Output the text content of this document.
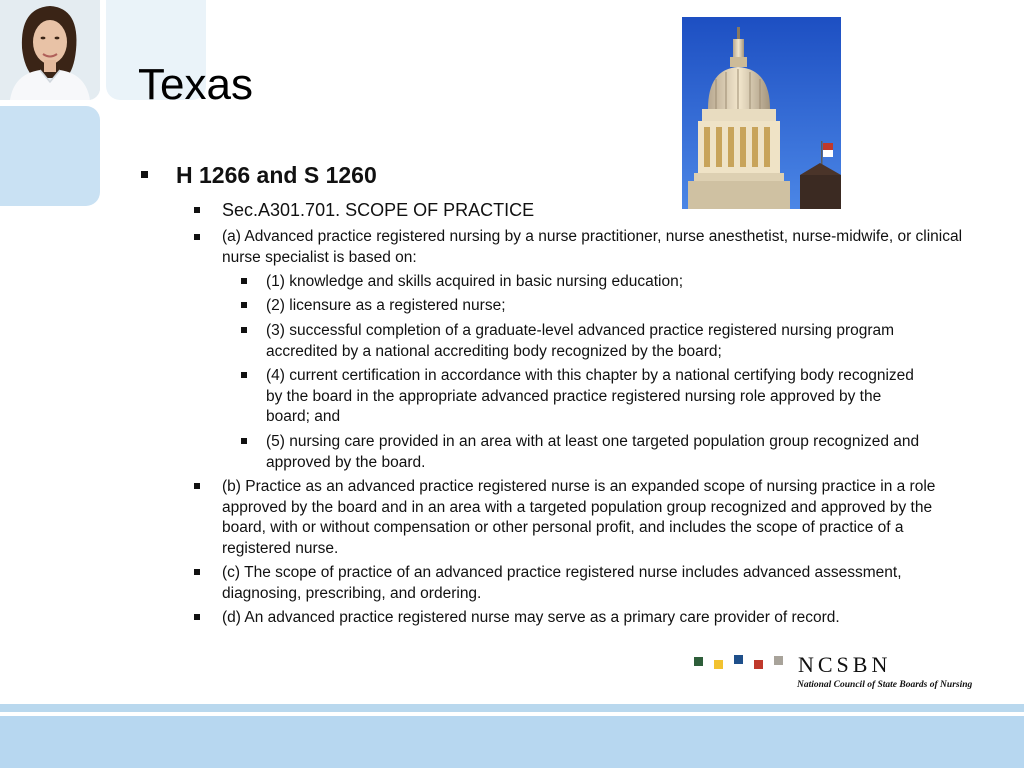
Texas
H 1266 and S 1260
Sec.A301.701. SCOPE OF PRACTICE
(a) Advanced practice registered nursing by a nurse practitioner, nurse anesthetist, nurse-midwife, or clinical nurse specialist is based on:
(1) knowledge and skills acquired in basic nursing education;
(2) licensure as a registered nurse;
(3) successful completion of a graduate-level advanced practice registered nursing program accredited by a national accrediting body recognized by the board;
(4) current certification in accordance with this chapter by a national certifying body recognized by the board in the appropriate advanced practice registered nursing role approved by the board; and
(5) nursing care provided in an area with at least one targeted population group recognized and approved by the board.
(b) Practice as an advanced practice registered nurse is an expanded scope of nursing practice in a role approved by the board and in an area with a targeted population group recognized and approved by the board, with or without compensation or other personal profit, and includes the scope of practice of a registered nurse.
(c) The scope of practice of an advanced practice registered nurse includes advanced assessment, diagnosing, prescribing, and ordering.
(d) An advanced practice registered nurse may serve as a primary care provider of record.
NCSBN
National Council of State Boards of Nursing
